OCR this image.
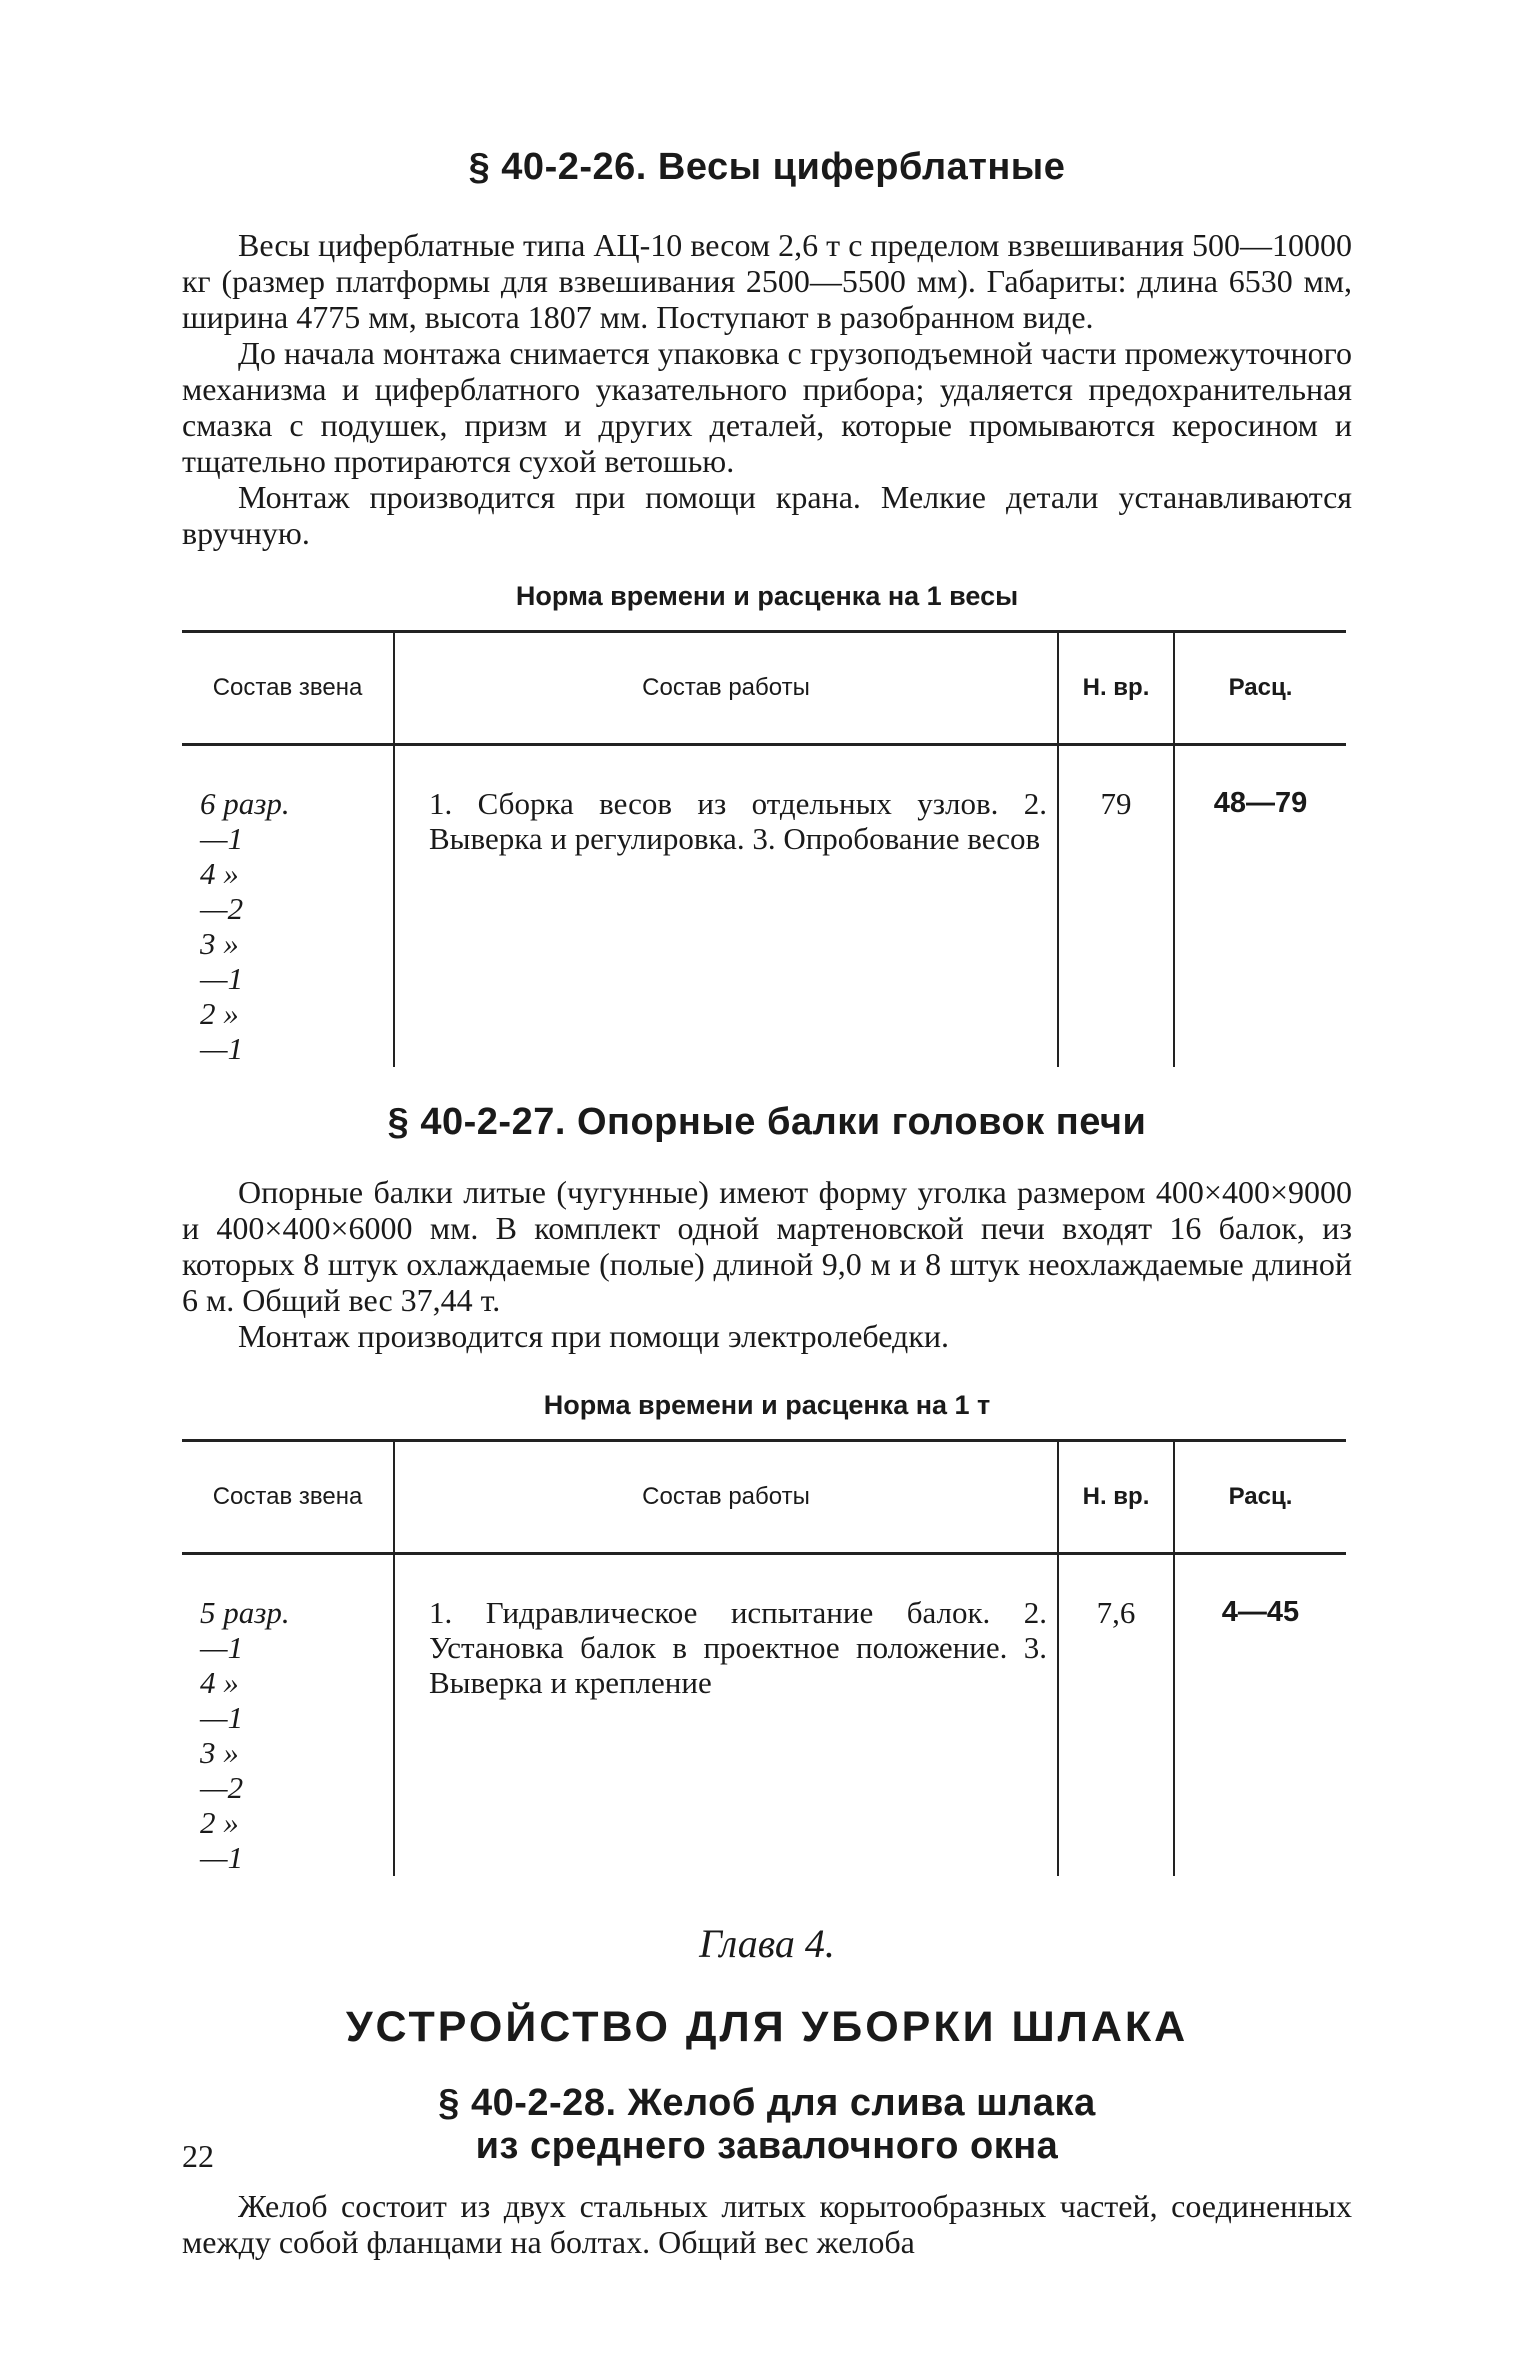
§ 40-2-26. Весы циферблатные

Весы циферблатные типа АЦ-10 весом 2,6 т с пределом взвешивания 500—10000 кг (размер платформы для взвешивания 2500—5500 мм). Габариты: длина 6530 мм, ширина 4775 мм, высота 1807 мм. Поступают в разобранном виде.

До начала монтажа снимается упаковка с грузоподъемной части промежуточного механизма и циферблатного указательного прибора; удаляется предохранительная смазка с подушек, призм и других деталей, которые промываются керосином и тщательно протираются сухой ветошью.

Монтаж производится при помощи крана. Мелкие детали устанавливаются вручную.

Норма времени и расценка на 1 весы

Состав звена	Состав работы	Н. вр.	Расц.

6 разр.—1
4 »—2
3 »—1
2 »—1	1. Сборка весов из отдельных узлов. 2. Выверка и регулировка. 3. Опробование весов	79	48—79
§ 40-2-27. Опорные балки головок печи

Опорные балки литые (чугунные) имеют форму уголка размером 400×400×9000 и 400×400×6000 мм. В комплект одной мартеновской печи входят 16 балок, из которых 8 штук охлаждаемые (полые) длиной 9,0 м и 8 штук неохлаждаемые длиной 6 м. Общий вес 37,44 т.

Монтаж производится при помощи электролебедки.

Норма времени и расценка на 1 т

Состав звена	Состав работы	Н. вр.	Расц.

5 разр.—1
4 »—1
3 »—2
2 »—1	1. Гидравлическое испытание балок. 2. Установка балок в проектное положение. 3. Выверка и крепление	7,6	4—45

Глава 4.

УСТРОЙСТВО ДЛЯ УБОРКИ ШЛАКА

§ 40-2-28. Желоб для слива шлака
из среднего завалочного окна

Желоб состоит из двух стальных литых корытообразных частей, соединенных между собой фланцами на болтах. Общий вес желоба

22
